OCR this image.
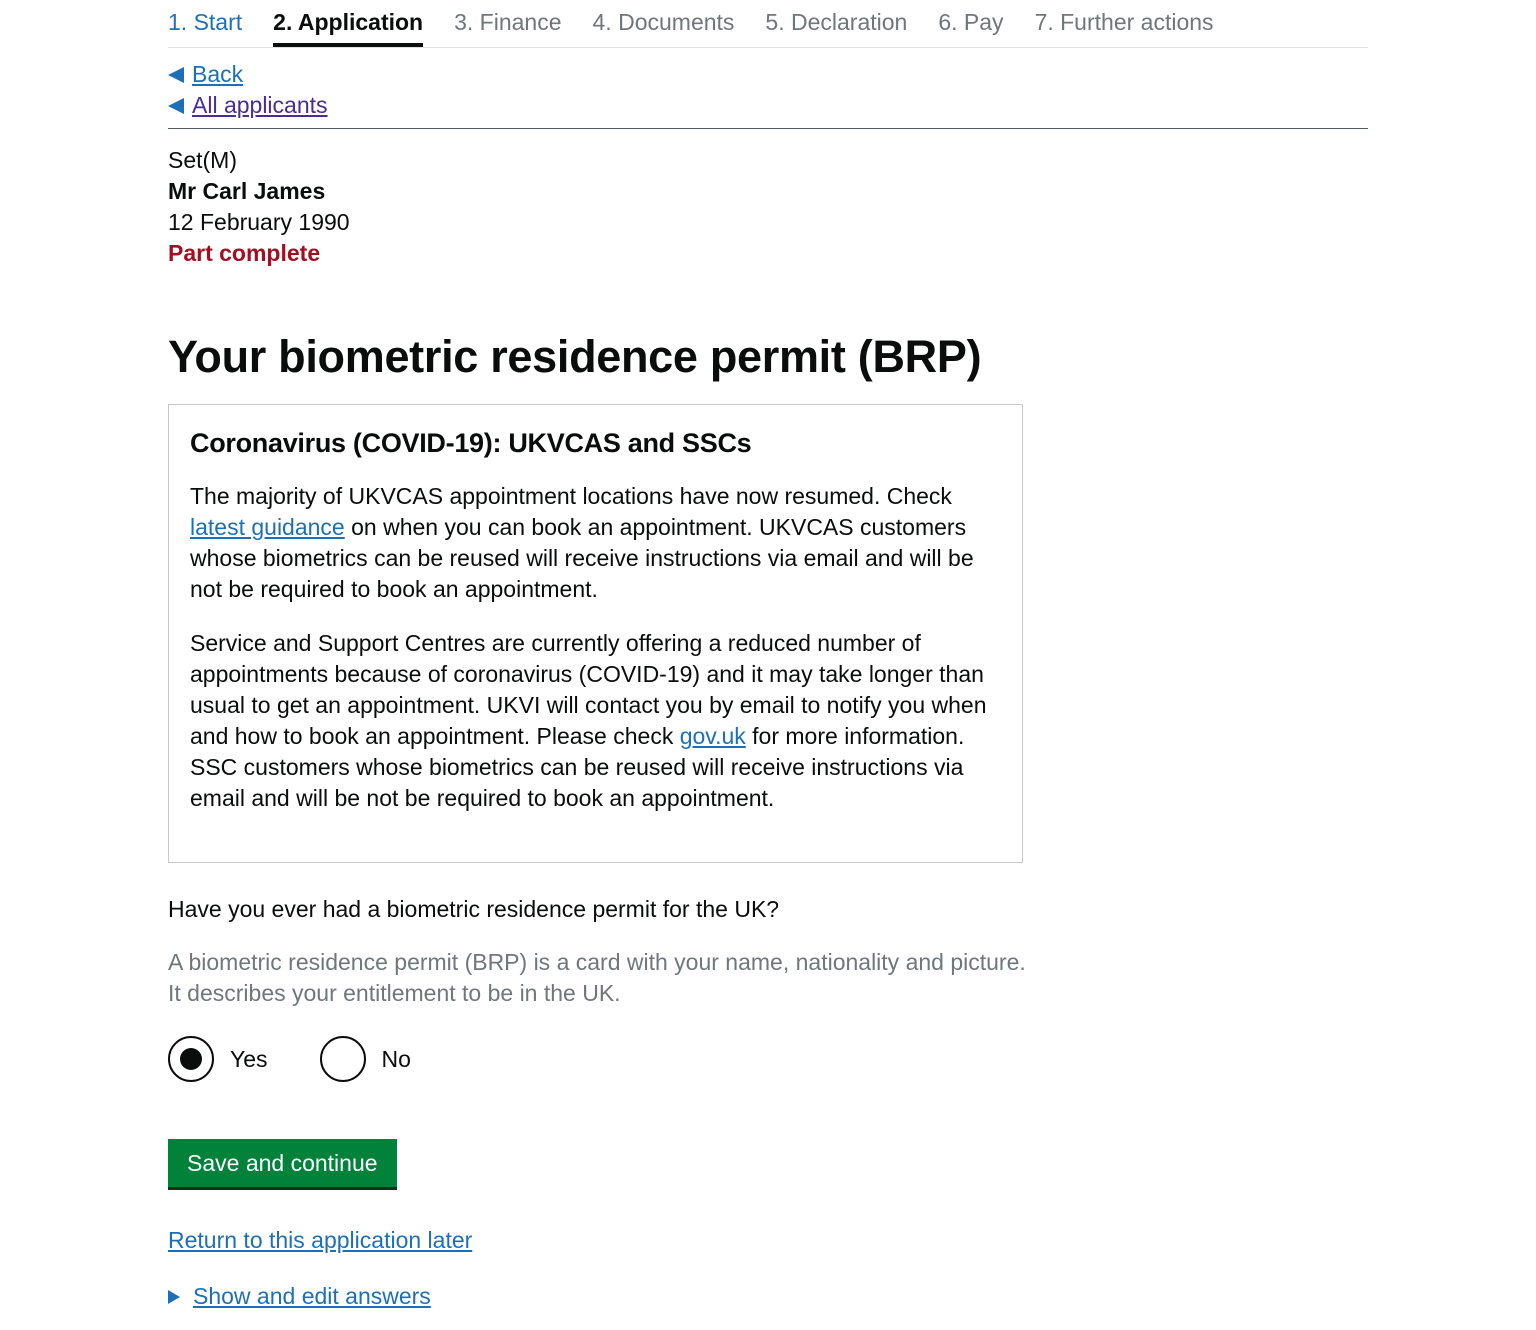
1. Start 2. Application 3. Finance 4. Documents 5. Declaration 6. Pay 7. Further actions
Back
All applicants
Set(M)
Mr Carl James
12 February 1990
Part complete
Your biometric residence permit (BRP)
Coronavirus (COVID-19): UKVCAS and SSCs

The majority of UKVCAS appointment locations have now resumed. Check latest guidance on when you can book an appointment. UKVCAS customers whose biometrics can be reused will receive instructions via email and will be not be required to book an appointment.

Service and Support Centres are currently offering a reduced number of appointments because of coronavirus (COVID-19) and it may take longer than usual to get an appointment. UKVI will contact you by email to notify you when and how to book an appointment. Please check gov.uk for more information. SSC customers whose biometrics can be reused will receive instructions via email and will be not be required to book an appointment.

Have you ever had a biometric residence permit for the UK?
A biometric residence permit (BRP) is a card with your name, nationality and picture. It describes your entitlement to be in the UK.
Yes	No
Save and continue
Return to this application later
Show and edit answers
